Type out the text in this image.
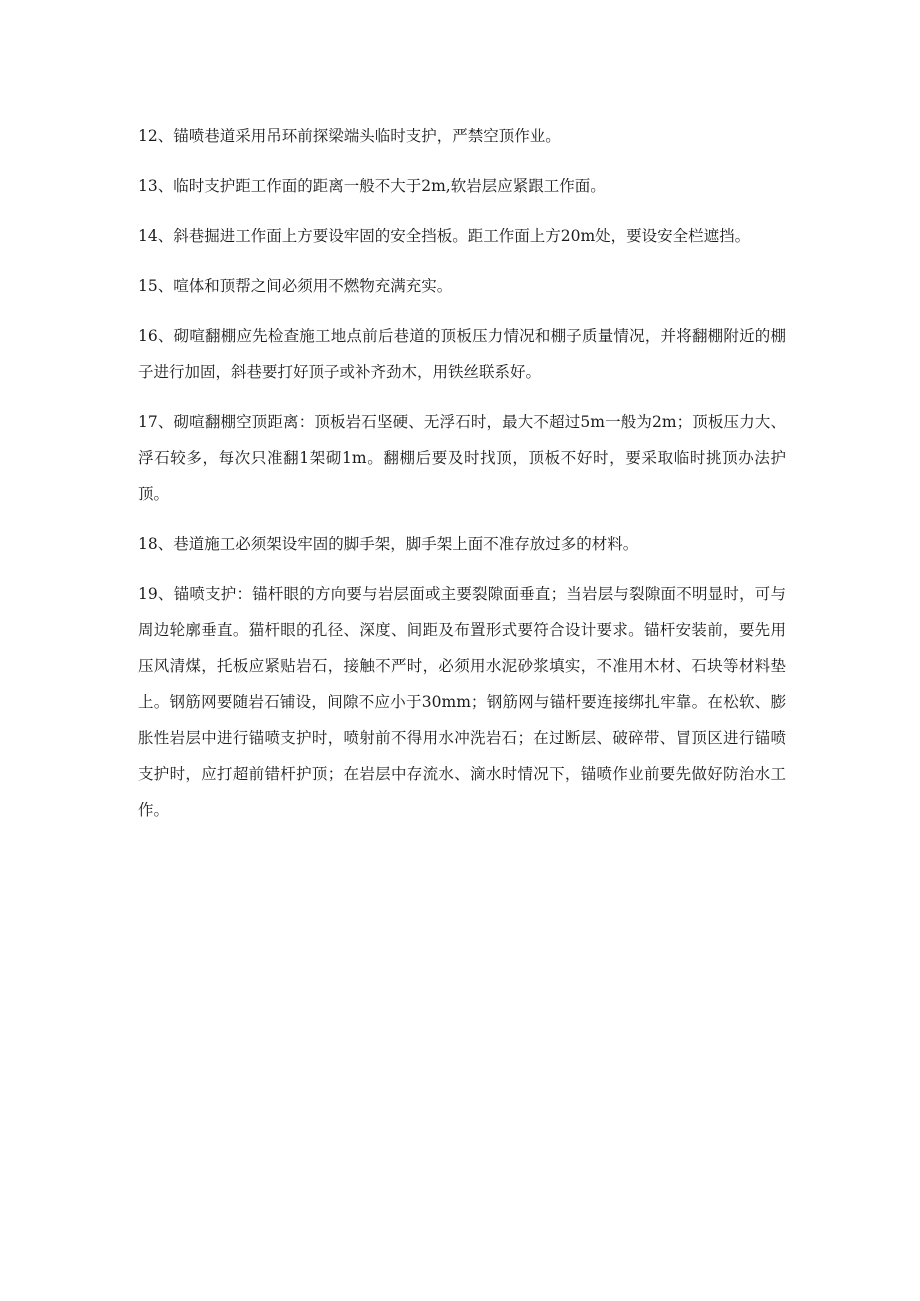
12、锚喷巷道采用吊环前探梁端头临时支护，严禁空顶作业。

13、临时支护距工作面的距离一般不大于2m,软岩层应紧跟工作面。

14、斜巷掘进工作面上方要设牢固的安全挡板。距工作面上方20m处，要设安全栏遮挡。

15、喧体和顶帮之间必须用不燃物充满充实。

16、砌喧翻棚应先检查施工地点前后巷道的顶板压力情况和棚子质量情况，并将翻棚附近的棚子进行加固，斜巷要打好顶子或补齐劲木，用铁丝联系好。

17、砌喧翻棚空顶距离：顶板岩石坚硬、无浮石时，最大不超过5m一般为2m；顶板压力大、浮石较多，每次只准翻1架砌1m。翻棚后要及时找顶，顶板不好时，要采取临时挑顶办法护顶。

18、巷道施工必须架设牢固的脚手架，脚手架上面不准存放过多的材料。

19、锚喷支护：锚杆眼的方向要与岩层面或主要裂隙面垂直；当岩层与裂隙面不明显时，可与周边轮廓垂直。猫杆眼的孔径、深度、间距及布置形式要符合设计要求。锚杆安装前，要先用压风清煤，托板应紧贴岩石，接触不严时，必须用水泥砂浆填实，不准用木材、石块等材料垫上。钢筋网要随岩石铺设，间隙不应小于30mm；钢筋网与锚杆要连接绑扎牢靠。在松软、膨胀性岩层中进行锚喷支护时，喷射前不得用水冲洗岩石；在过断层、破碎带、冒顶区进行锚喷支护时，应打超前错杆护顶；在岩层中存流水、滴水时情况下，锚喷作业前要先做好防治水工作。
